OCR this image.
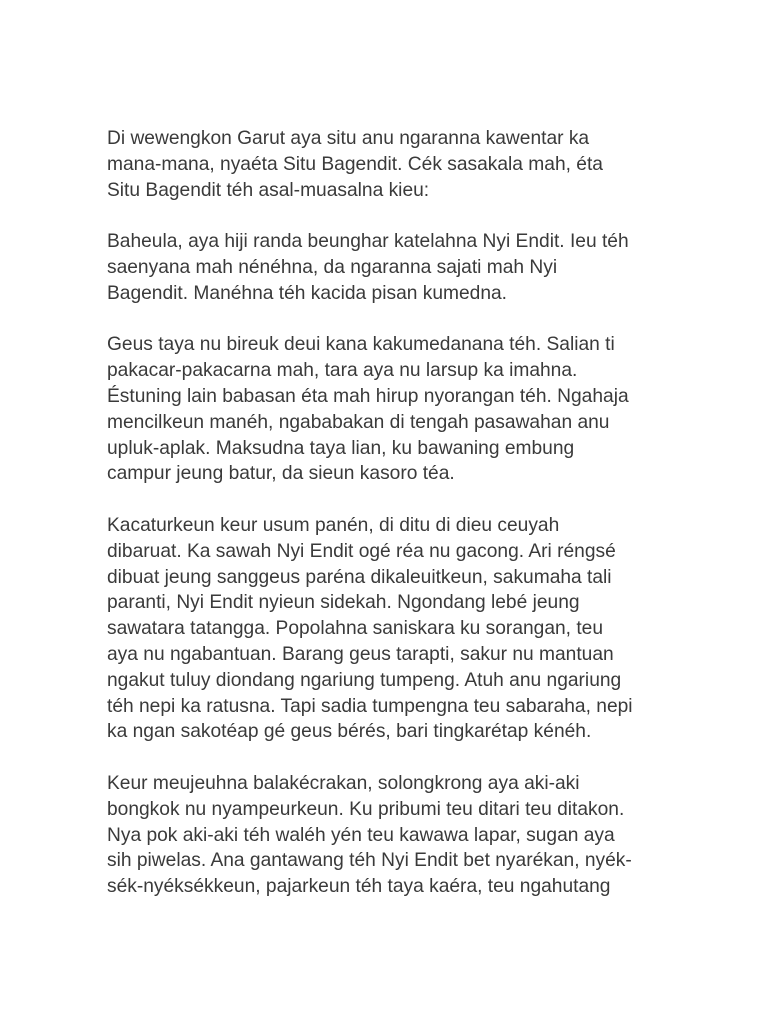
Di wewengkon Garut aya situ anu ngaranna kawentar ka
mana-mana, nyaéta Situ Bagendit. Cék sasakala mah, éta
Situ Bagendit téh asal-muasalna kieu:
Baheula, aya hiji randa beunghar katelahna Nyi Endit. Ieu téh
saenyana mah nénéhna, da ngaranna sajati mah Nyi
Bagendit. Manéhna téh kacida pisan kumedna.
Geus taya nu bireuk deui kana kakumedanana téh. Salian ti
pakacar-pakacarna mah, tara aya nu larsup ka imahna.
Éstuning lain babasan éta mah hirup nyorangan téh. Ngahaja
mencilkeun manéh, ngababakan di tengah pasawahan anu
upluk-aplak. Maksudna taya lian, ku bawaning embung
campur jeung batur, da sieun kasoro téa.
Kacaturkeun keur usum panén, di ditu di dieu ceuyah
dibaruat. Ka sawah Nyi Endit ogé réa nu gacong. Ari réngsé
dibuat jeung sanggeus paréna dikaleuitkeun, sakumaha tali
paranti, Nyi Endit nyieun sidekah. Ngondang lebé jeung
sawatara tatangga. Popolahna saniskara ku sorangan, teu
aya nu ngabantuan. Barang geus tarapti, sakur nu mantuan
ngakut tuluy diondang ngariung tumpeng. Atuh anu ngariung
téh nepi ka ratusna. Tapi sadia tumpengna teu sabaraha, nepi
ka ngan sakotéap gé geus bérés, bari tingkarétap kénéh.
Keur meujeuhna balakécrakan, solongkrong aya aki-aki
bongkok nu nyampeurkeun. Ku pribumi teu ditari teu ditakon.
Nya pok aki-aki téh waléh yén teu kawawa lapar, sugan aya
sih piwelas. Ana gantawang téh Nyi Endit bet nyarékan, nyék-
sék-nyéksékkeun, pajarkeun téh taya kaéra, teu ngahutang
